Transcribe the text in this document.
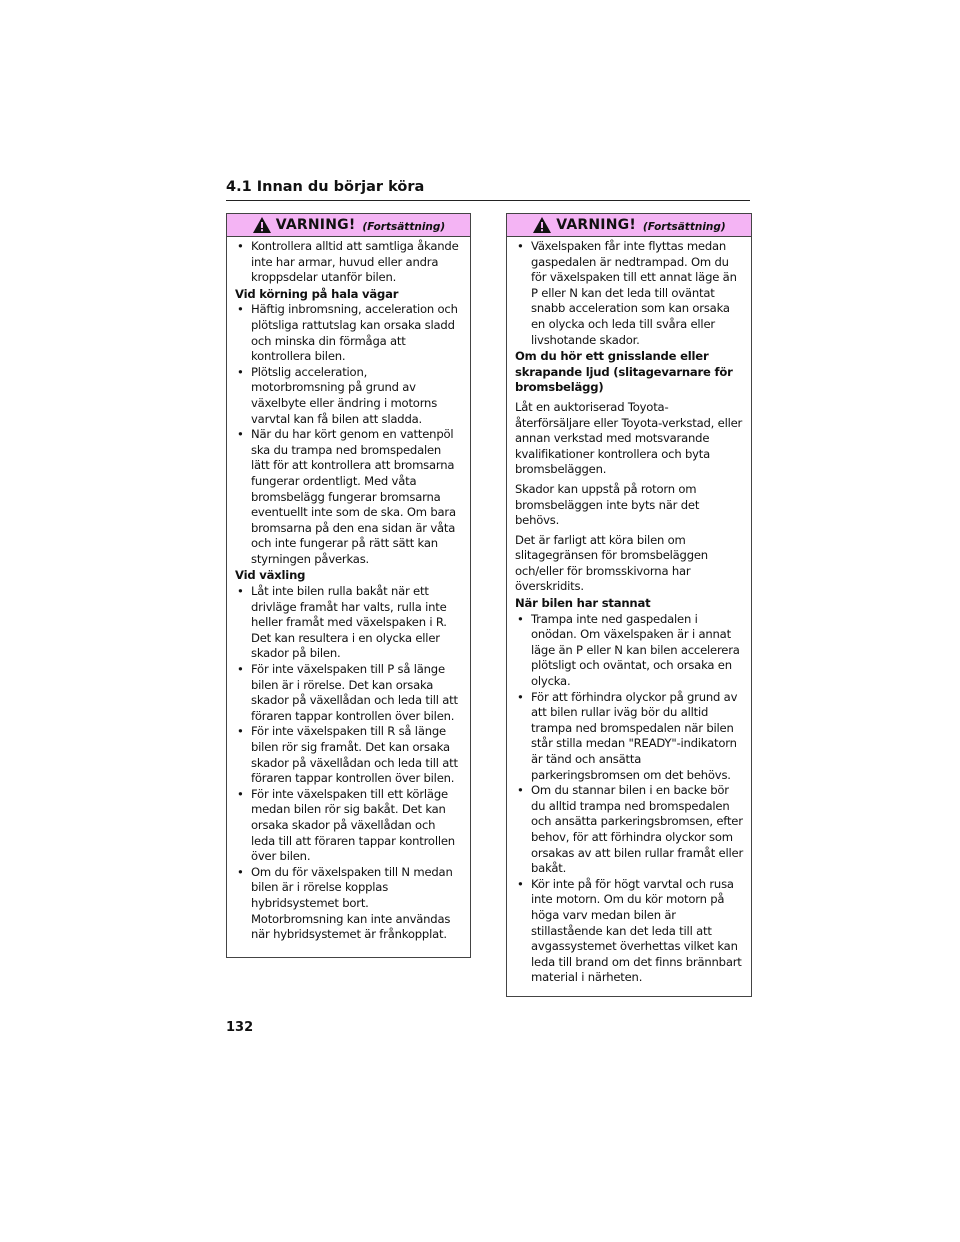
4.1 Innan du börjar köra
VARNING! (Fortsättning)
• Kontrollera alltid att samtliga åkande inte har armar, huvud eller andra kroppsdelar utanför bilen.
Vid körning på hala vägar
• Häftig inbromsning, acceleration och plötsliga rattutslag kan orsaka sladd och minska din förmåga att kontrollera bilen.
• Plötslig acceleration, motorbromsning på grund av växelbyte eller ändring i motorns varvtal kan få bilen att sladda.
• När du har kört genom en vattenpöl ska du trampa ned bromspedalen lätt för att kontrollera att bromsarna fungerar ordentligt. Med våta bromsbelägg fungerar bromsarna eventuellt inte som de ska. Om bara bromsarna på den ena sidan är våta och inte fungerar på rätt sätt kan styrningen påverkas.
Vid växling
• Låt inte bilen rulla bakåt när ett drivläge framåt har valts, rulla inte heller framåt med växelspaken i R. Det kan resultera i en olycka eller skador på bilen.
• För inte växelspaken till P så länge bilen är i rörelse. Det kan orsaka skador på växellådan och leda till att föraren tappar kontrollen över bilen.
• För inte växelspaken till R så länge bilen rör sig framåt. Det kan orsaka skador på växellådan och leda till att föraren tappar kontrollen över bilen.
• För inte växelspaken till ett körläge medan bilen rör sig bakåt. Det kan orsaka skador på växellådan och leda till att föraren tappar kontrollen över bilen.
• Om du för växelspaken till N medan bilen är i rörelse kopplas hybridsystemet bort. Motorbromsning kan inte användas när hybridsystemet är frånkopplat.
VARNING! (Fortsättning)
• Växelspaken får inte flyttas medan gaspedalen är nedtrampad. Om du för växelspaken till ett annat läge än P eller N kan det leda till oväntat snabb acceleration som kan orsaka en olycka och leda till svåra eller livshotande skador.
Om du hör ett gnisslande eller skrapande ljud (slitagevarnare för bromsbelägg)
Låt en auktoriserad Toyota-återförsäljare eller Toyota-verkstad, eller annan verkstad med motsvarande kvalifikationer kontrollera och byta bromsbeläggen.
Skador kan uppstå på rotorn om bromsbeläggen inte byts när det behövs.
Det är farligt att köra bilen om slitagegränsen för bromsbeläggen och/eller för bromsskivorna har överskridits.
När bilen har stannat
• Trampa inte ned gaspedalen i onödan. Om växelspaken är i annat läge än P eller N kan bilen accelerera plötsligt och oväntat, och orsaka en olycka.
• För att förhindra olyckor på grund av att bilen rullar iväg bör du alltid trampa ned bromspedalen när bilen står stilla medan "READY"-indikatorn är tänd och ansätta parkeringsbromsen om det behövs.
• Om du stannar bilen i en backe bör du alltid trampa ned bromspedalen och ansätta parkeringsbromsen, efter behov, för att förhindra olyckor som orsakas av att bilen rullar framåt eller bakåt.
• Kör inte på för högt varvtal och rusa inte motorn. Om du kör motorn på höga varv medan bilen är stillastående kan det leda till att avgassystemet överhettas vilket kan leda till brand om det finns brännbart material i närheten.
132
